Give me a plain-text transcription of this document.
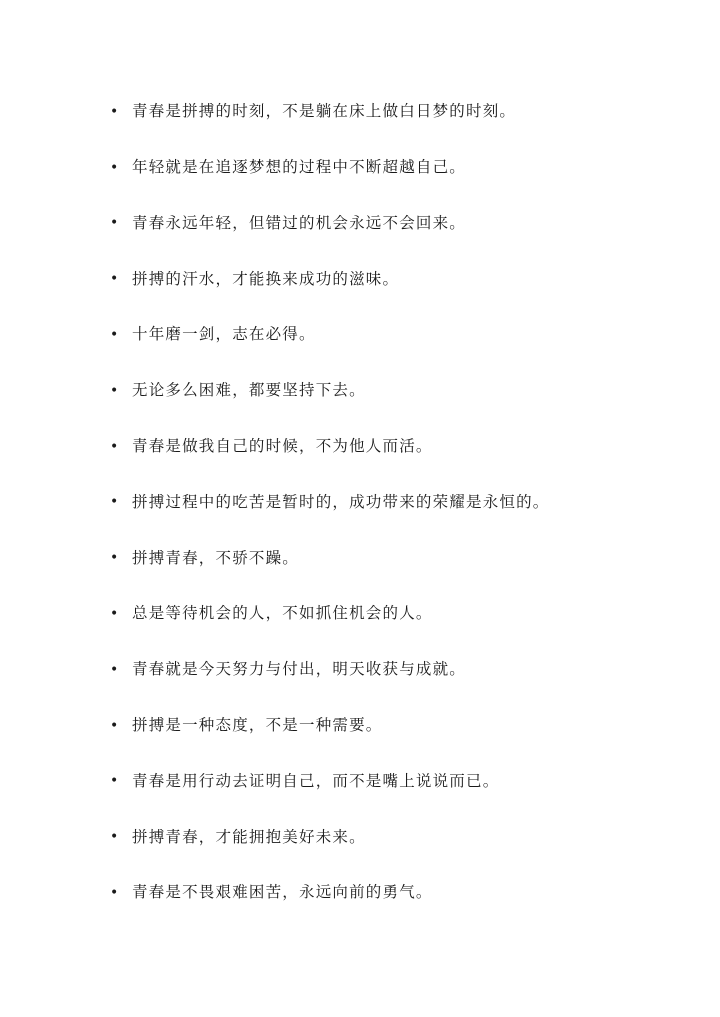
• 青春是拼搏的时刻，不是躺在床上做白日梦的时刻。
• 年轻就是在追逐梦想的过程中不断超越自己。
• 青春永远年轻，但错过的机会永远不会回来。
• 拼搏的汗水，才能换来成功的滋味。
• 十年磨一剑，志在必得。
• 无论多么困难，都要坚持下去。
• 青春是做我自己的时候，不为他人而活。
• 拼搏过程中的吃苦是暂时的，成功带来的荣耀是永恒的。
• 拼搏青春，不骄不躁。
• 总是等待机会的人，不如抓住机会的人。
• 青春就是今天努力与付出，明天收获与成就。
• 拼搏是一种态度，不是一种需要。
• 青春是用行动去证明自己，而不是嘴上说说而已。
• 拼搏青春，才能拥抱美好未来。
• 青春是不畏艰难困苦，永远向前的勇气。
